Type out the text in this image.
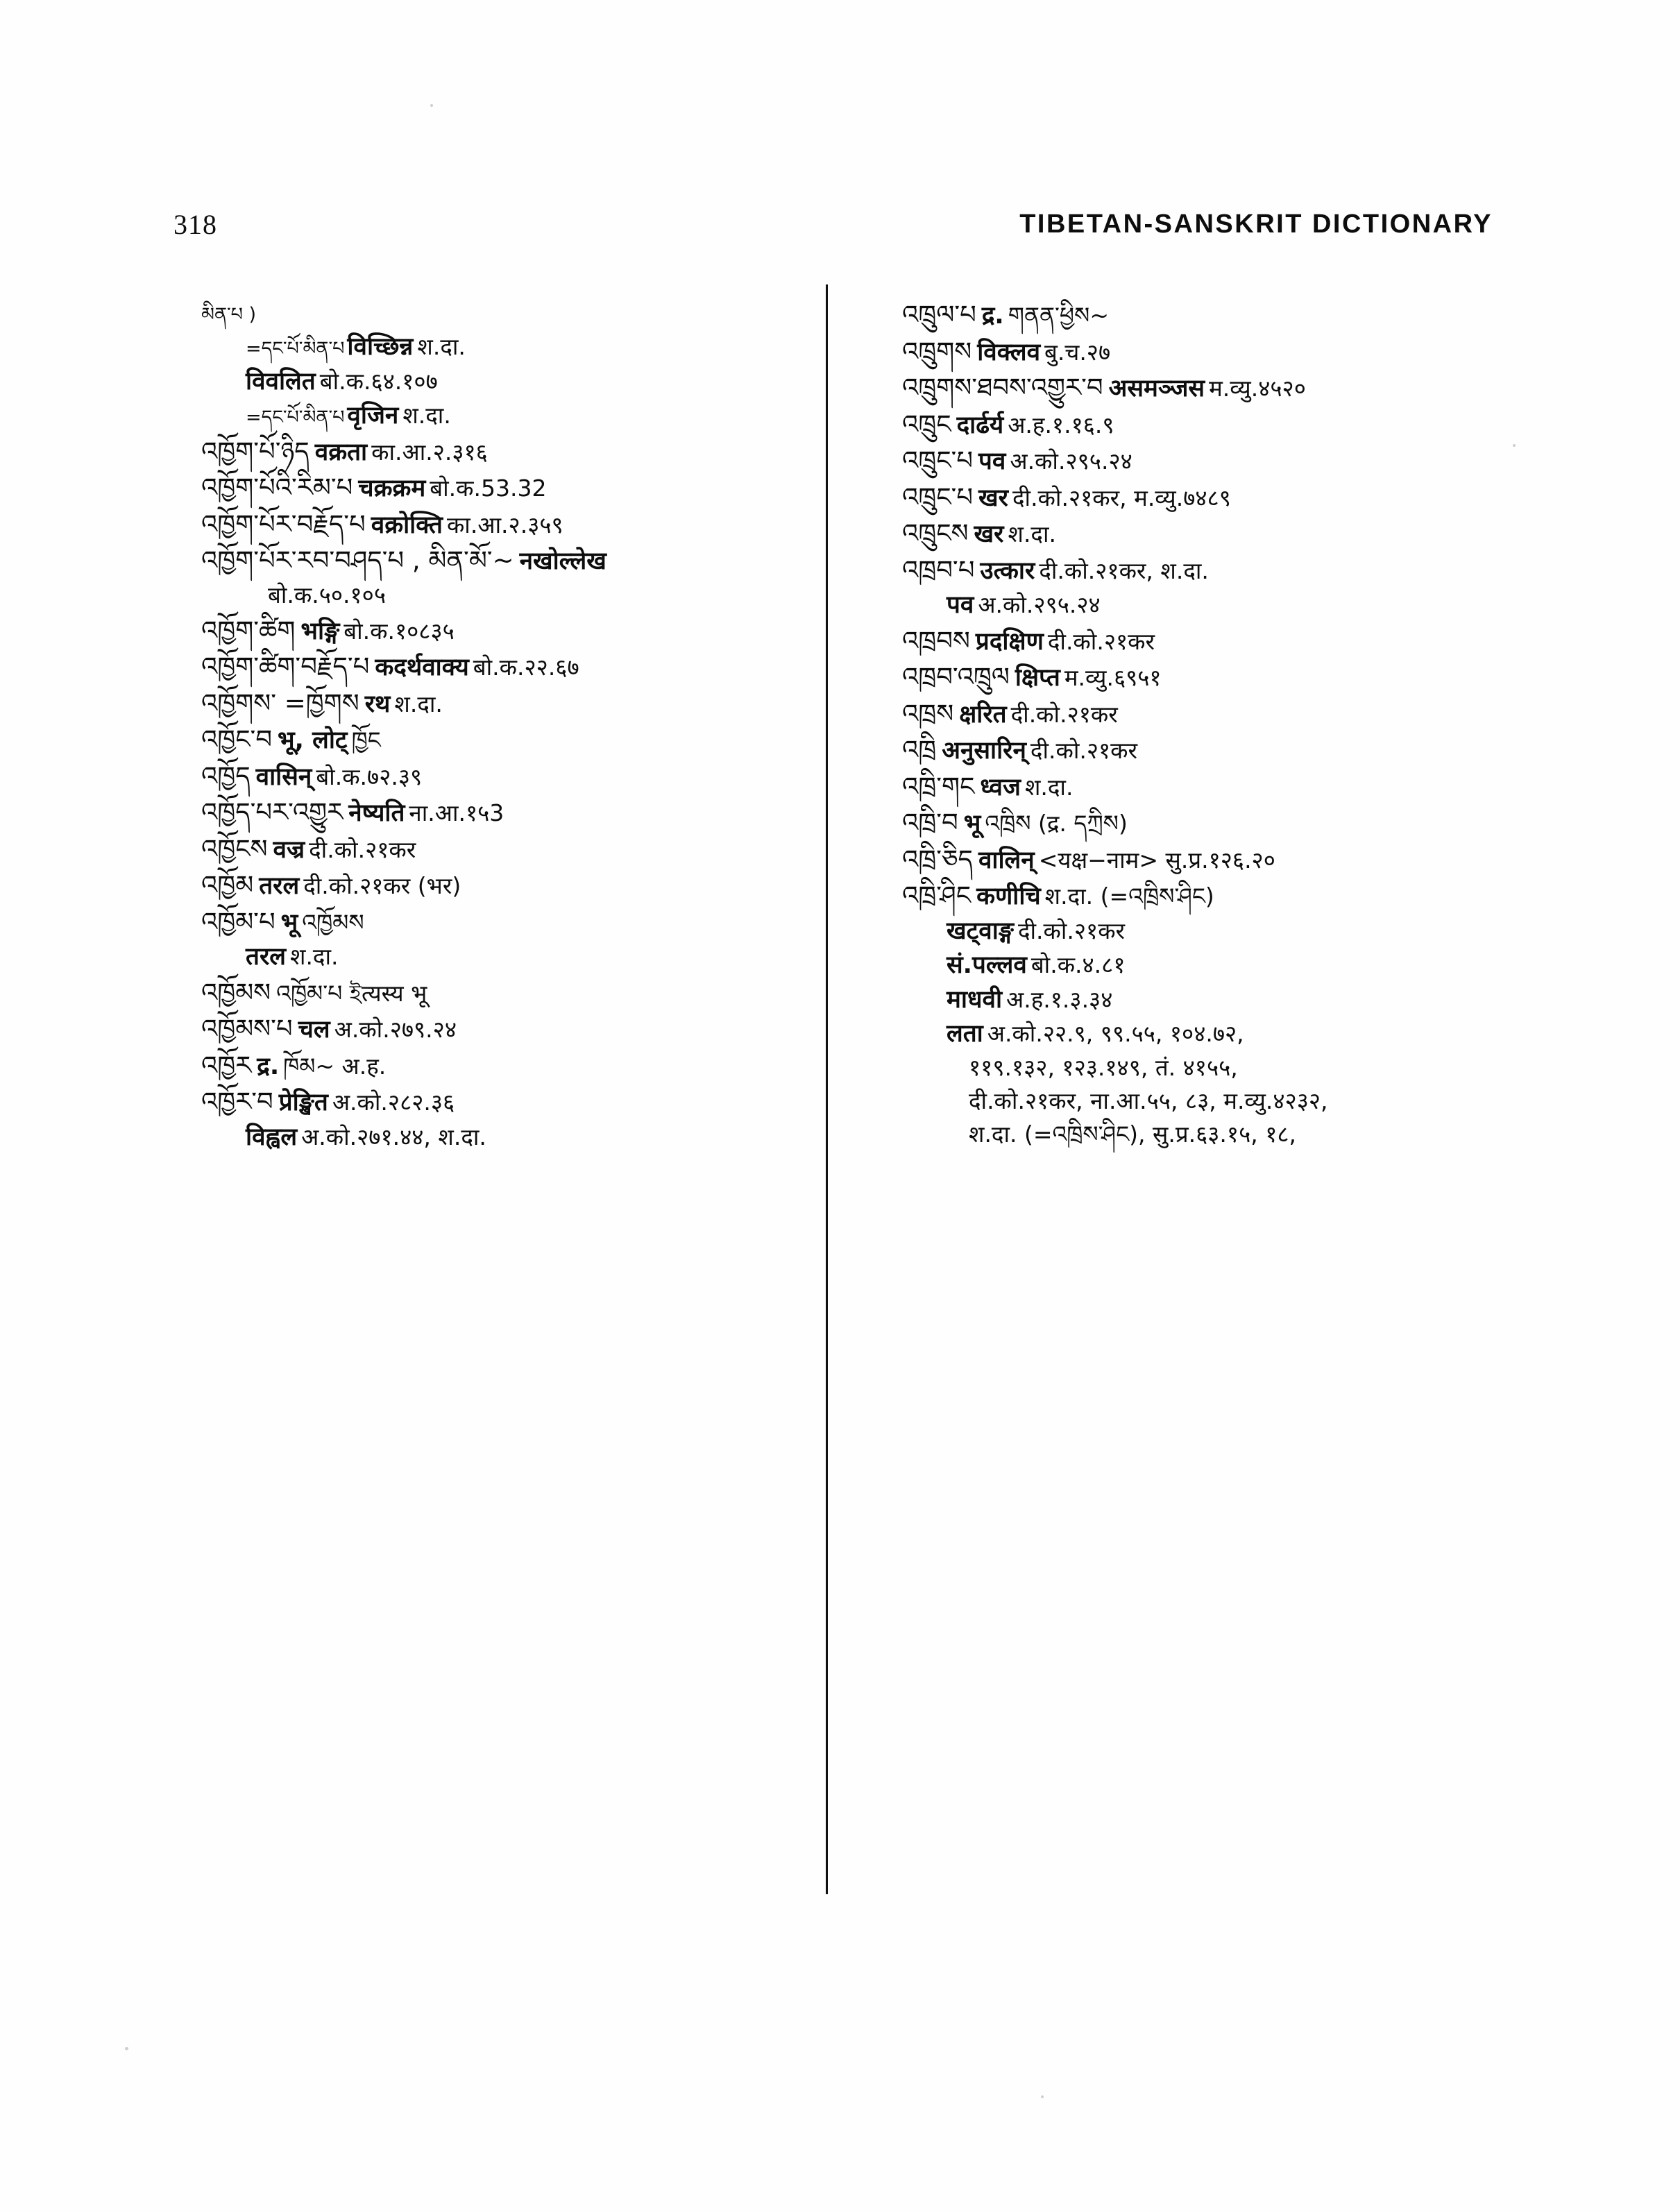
318	TIBETAN-SANSKRIT DICTIONARY
མིན་པ )
=དང་པོ་མིན་པ विच्छिन्न श.दा.
विवलित बो.क.६४.१०७
=དང་པོ་མིན་པ वृजिन श.दा.
འཁྱོག་པོ་ཉིད वक्रता का.आ.२.३१६
འཁྱོག་པོའི་རིམ་པ चक्रक्रम बो.क.53.32
འཁྱོག་པོར་བརྗོད་པ वक्रोक्ति का.आ.२.३५९
འཁྱོག་པོར་རབ་བཤད་པ , མིན་མོ་~ नखोल्लेख
बो.क.५०.१०५
འཁྱོག་ཚིག भङ्गि बो.क.१०८३५
འཁྱོག་ཚིག་བརྗོད་པ कदर्थवाक्य बो.क.२२.६७
འཁྱོགས་ =ཁྱོགས रथ श.दा.
འཁྱོང་བ भू, लोट् ཁྱོང
འཁྱོད वासिन् बो.क.७२.३९
འཁྱོད་པར་འགྱུར नेष्यति ना.आ.१५3
འཁྱོངས वज्र दी.को.२१कर
འཁྱོམ तरल दी.को.२१कर (भर)
འཁྱོམ་པ भू འཁྱོམས
तरल श.दा.
འཁྱོམས འཁྱོམ་པ ইत्यस्य भू
འཁྱོམས་པ चल अ.को.२७९.२४
འཁྱོར द्र. ཁོམ~ अ.ह.
འཁྱོར་བ प्रेङ्खित अ.को.२८२.३६
विह्वल अ.को.२७१.४४, श.दा.
འཁྲུལ་པ द्र. གནན་ཕྱིས~
འཁྲུགས विक्लव बु.च.२७
འཁྲུགས་ཐབས་འགྱུར་བ असमञ्जस म.व्यु.४५२०
འཁྲུང दार्ढर्य अ.ह.१.१६.९
འཁྲུང་པ पव अ.को.२९५.२४
འཁྲུང་པ खर दी.को.२१कर, म.व्यु.७४८९
འཁྲུངས खर श.दा.
འཁྲབ་པ उत्कार दी.को.२१कर, श.दा.
पव अ.को.२९५.२४
འཁྲབས प्रदक्षिण दी.को.२१कर
འཁྲབ་འཁྲུལ क्षिप्त म.व्यु.६९५१
འཁྲས क्षरित दी.को.२१कर
འཁྲི अनुसारिन् दी.को.२१कर
འཁྲི་གང ध्वज श.दा.
འཁྲི་བ भू འཁྲིས (द्र. དཀྲིས)
འཁྲི་ཅིད वालिन् <यक्ष−नाम> सु.प्र.१२६.२०
འཁྲི་ཤིང कणीचि श.दा. (=འཁྲིས་ཤིང)
खट्वाङ्ग दी.को.२१कर
सं.पल्लव बो.क.४.८१
माधवी अ.ह.१.३.३४
लता अ.को.२२.९, ९९.५५, १०४.७२,
११९.१३२, १२३.१४९, तं. ४१५५,
दी.को.२१कर, ना.आ.५५, ८३, म.व्यु.४२३२,
श.दा. (=འཁྲིས་ཤིང), सु.प्र.६३.१५, १८,
